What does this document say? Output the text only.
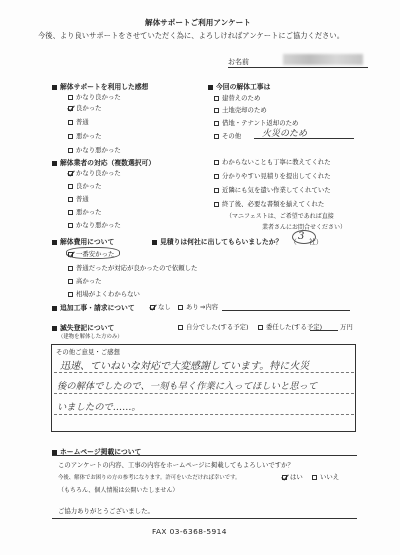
解体サポートご利用アンケート
今後、より良いサポートをさせていただく為に、よろしければアンケートにご協力ください。
お名前
解体サポートを利用した感想
かなり良かった
良かった
普通
悪かった
かなり悪かった
今回の解体工事は
建替えのため
土地売却のため
借地・テナント返却のため
その他 火災のため
解体業者の対応（複数選択可）
かなり良かった
良かった
普通
悪かった
かなり悪かった
わからないことも丁寧に教えてくれた
分かりやすい見積りを提出してくれた
近隣にも気を遣い作業してくれていた
終了後、必要な書類を揃えてくれた
（マニフェストは、ご希望であれば直接
業者さんにお問合せください）
解体費用について	見積りは何社に出してもらいましたか？ （ 3 社）
一番安かった
普通だったが対応が良かったので依頼した
高かった
相場がよくわからない
追加工事・請求について	なし	あり ⇒内容
滅失登記について
（建物を解体した方のみ）
自分でした(する予定)	委任した(する予定)	万円
その他ご意見・ご感想
迅速、ていねいな対応で大変感謝しています。特に火災
後の解体でしたので、一刻も早く作業に入ってほしいと思って
いましたので……。
ホームページ掲載について
このアンケートの内容、工事の内容をホームページに掲載してもよろしいですか？
今後、解体でお困りの方の参考になります。許可をいただければ幸いです。	はい	いいえ
（もちろん、個人情報は公開いたしません）
ご協力ありがとうございました。
FAX 03-6368-5914
